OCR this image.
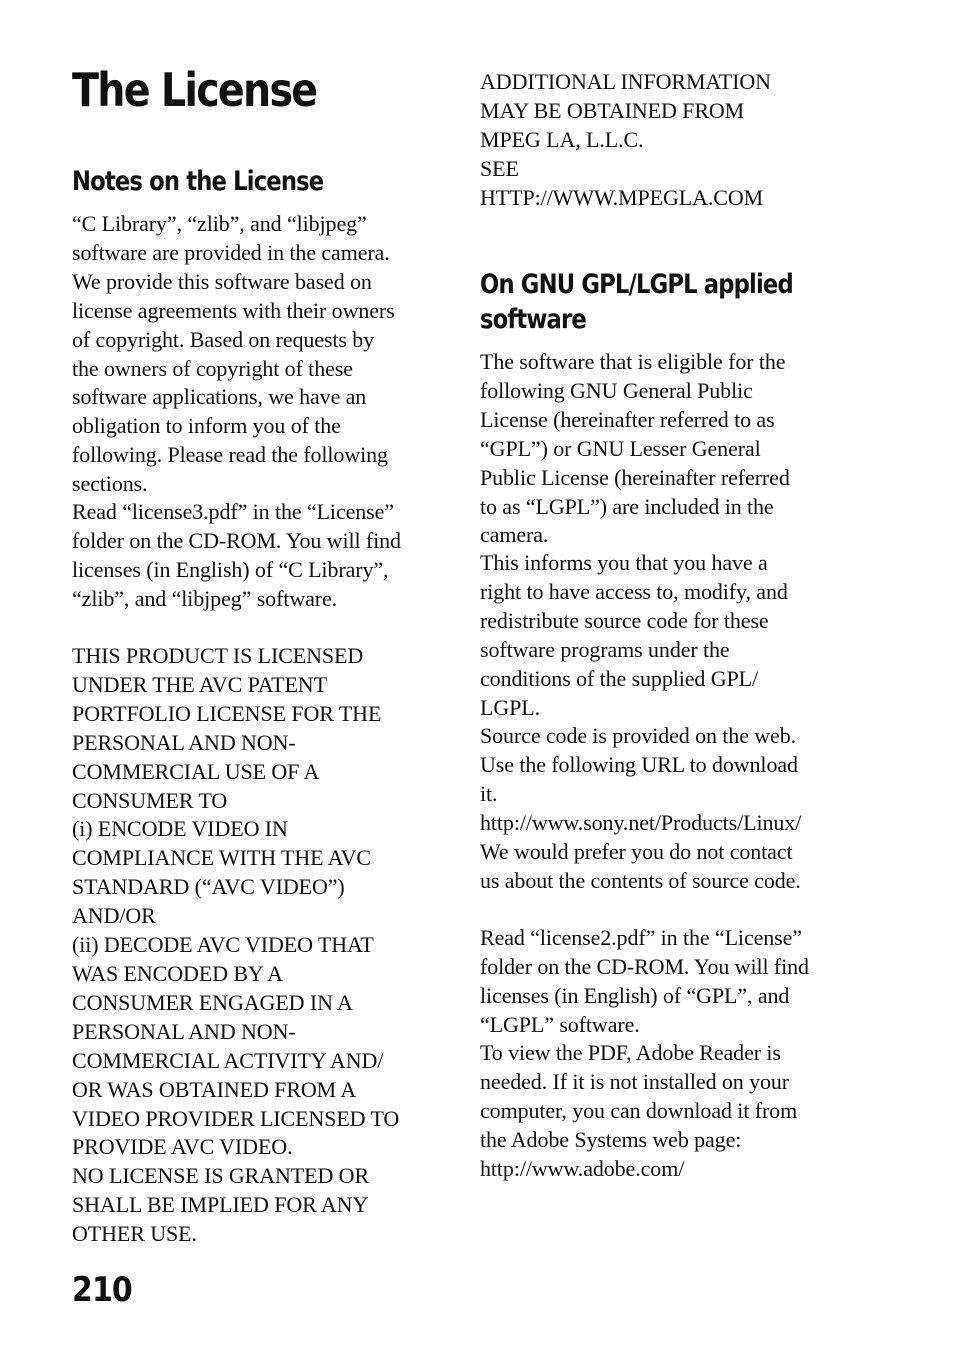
The License
Notes on the License

“C Library”, “zlib”, and “libjpeg”
software are provided in the camera.
We provide this software based on
license agreements with their owners
of copyright. Based on requests by
the owners of copyright of these
software applications, we have an
obligation to inform you of the
following. Please read the following
sections.

Read “license3.pdf” in the “License”
folder on the CD-ROM. You will find
licenses (in English) of “C Library”,
“zlib”, and “libjpeg” software.

THIS PRODUCT IS LICENSED
UNDER THE AVC PATENT
PORTFOLIO LICENSE FOR THE
PERSONAL AND NON-
COMMERCIAL USE OF A
CONSUMER TO
(i) ENCODE VIDEO IN
COMPLIANCE WITH THE AVC
STANDARD (“AVC VIDEO”)
AND/OR
(ii) DECODE AVC VIDEO THAT
WAS ENCODED BY A
CONSUMER ENGAGED IN A
PERSONAL AND NON-
COMMERCIAL ACTIVITY AND/
OR WAS OBTAINED FROM A
VIDEO PROVIDER LICENSED TO
PROVIDE AVC VIDEO.
NO LICENSE IS GRANTED OR
SHALL BE IMPLIED FOR ANY
OTHER USE.

ADDITIONAL INFORMATION
MAY BE OBTAINED FROM
MPEG LA, L.L.C.
SEE
HTTP://WWW.MPEGLA.COM

On GNU GPL/LGPL applied
software

The software that is eligible for the
following GNU General Public
License (hereinafter referred to as
“GPL”) or GNU Lesser General
Public License (hereinafter referred
to as “LGPL”) are included in the
camera.

This informs you that you have a
right to have access to, modify, and
redistribute source code for these
software programs under the
conditions of the supplied GPL/
LGPL.

Source code is provided on the web.
Use the following URL to download
it.
http://www.sony.net/Products/Linux/
We would prefer you do not contact
us about the contents of source code.

Read “license2.pdf” in the “License”
folder on the CD-ROM. You will find
licenses (in English) of “GPL”, and
“LGPL” software.

To view the PDF, Adobe Reader is
needed. If it is not installed on your
computer, you can download it from
the Adobe Systems web page:
http://www.adobe.com/

210
